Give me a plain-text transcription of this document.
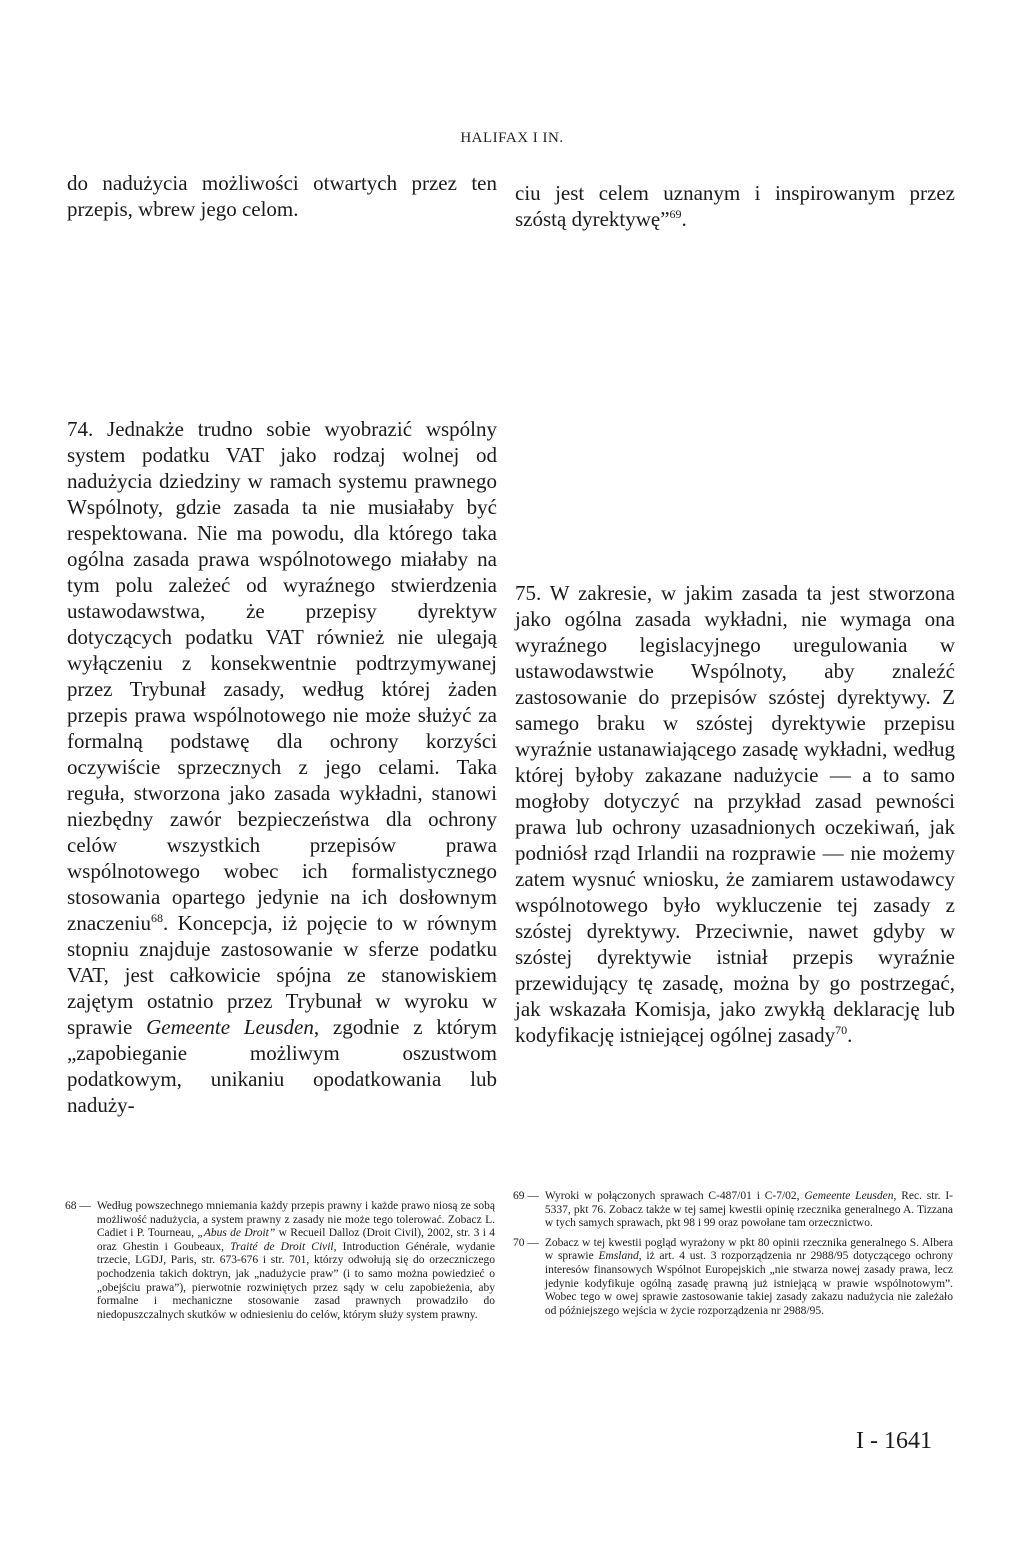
HALIFAX I IN.

do nadużycia możliwości otwartych przez ten przepis, wbrew jego celom.

ciu jest celem uznanym i inspirowanym przez szóstą dyrektywę”$^{69}$.

74. Jednakże trudno sobie wyobrazić wspólny system podatku VAT jako rodzaj wolnej od nadużycia dziedziny w ramach systemu prawnego Wspólnoty, gdzie zasada ta nie musiałaby być respektowana. Nie ma powodu, dla którego taka ogólna zasada prawa wspólnotowego miałaby na tym polu zależeć od wyraźnego stwierdzenia ustawodawstwa, że przepisy dyrektyw dotyczących podatku VAT również nie ulegają wyłączeniu z konsekwentnie podtrzymywanej przez Trybunał zasady, według której żaden przepis prawa wspólnotowego nie może służyć za formalną podstawę dla ochrony korzyści oczywiście sprzecznych z jego celami. Taka reguła, stworzona jako zasada wykładni, stanowi niezbędny zawór bezpieczeństwa dla ochrony celów wszystkich przepisów prawa wspólnotowego wobec ich formalistycznego stosowania opartego jedynie na ich dosłownym znaczeniu$^{68}$. Koncepcja, iż pojęcie to w równym stopniu znajduje zastosowanie w sferze podatku VAT, jest całkowicie spójna ze stanowiskiem zajętym ostatnio przez Trybunał w wyroku w sprawie Gemeente Leusden, zgodnie z którym „zapobieganie możliwym oszustwom podatkowym, unikaniu opodatkowania lub naduży-

75. W zakresie, w jakim zasada ta jest stworzona jako ogólna zasada wykładni, nie wymaga ona wyraźnego legislacyjnego uregulowania w ustawodawstwie Wspólnoty, aby znaleźć zastosowanie do przepisów szóstej dyrektywy. Z samego braku w szóstej dyrektywie przepisu wyraźnie ustanawiającego zasadę wykładni, według której byłoby zakazane nadużycie — a to samo mogłoby dotyczyć na przykład zasad pewności prawa lub ochrony uzasadnionych oczekiwań, jak podniósł rząd Irlandii na rozprawie — nie możemy zatem wysnuć wniosku, że zamiarem ustawodawcy wspólnotowego było wykluczenie tej zasady z szóstej dyrektywy. Przeciwnie, nawet gdyby w szóstej dyrektywie istniał przepis wyraźnie przewidujący tę zasadę, można by go postrzegać, jak wskazała Komisja, jako zwykłą deklarację lub kodyfikację istniejącej ogólnej zasady$^{70}$.

68 — Według powszechnego mniemania każdy przepis prawny i każde prawo niosą ze sobą możliwość nadużycia, a system prawny z zasady nie może tego tolerować. Zobacz L. Cadiet i P. Tourneau, „Abus de Droit” w Recueil Dalloz (Droit Civil), 2002, str. 3 i 4 oraz Ghestin i Goubeaux, Traité de Droit Civil, Introduction Générale, wydanie trzecie, LGDJ, Paris, str. 673-676 i str. 701, którzy odwołują się do orzeczniczego pochodzenia takich doktryn, jak „nadużycie praw” (i to samo można powiedzieć o „obejściu prawa”), pierwotnie rozwiniętych przez sądy w celu zapobieżenia, aby formalne i mechaniczne stosowanie zasad prawnych prowadziło do niedopuszczalnych skutków w odniesieniu do celów, którym służy system prawny.
69 — Wyroki w połączonych sprawach C-487/01 i C-7/02, Gemeente Leusden, Rec. str. I-5337, pkt 76. Zobacz także w tej samej kwestii opinię rzecznika generalnego A. Tizzana w tych samych sprawach, pkt 98 i 99 oraz powołane tam orzecznictwo.
70 — Zobacz w tej kwestii pogląd wyrażony w pkt 80 opinii rzecznika generalnego S. Albera w sprawie Emsland, iż art. 4 ust. 3 rozporządzenia nr 2988/95 dotyczącego ochrony interesów finansowych Wspólnot Europejskich „nie stwarza nowej zasady prawa, lecz jedynie kodyfikuje ogólną zasadę prawną już istniejącą w prawie wspólnotowym”. Wobec tego w owej sprawie zastosowanie takiej zasady zakazu nadużycia nie zależało od późniejszego wejścia w życie rozporządzenia nr 2988/95.
I - 1641
